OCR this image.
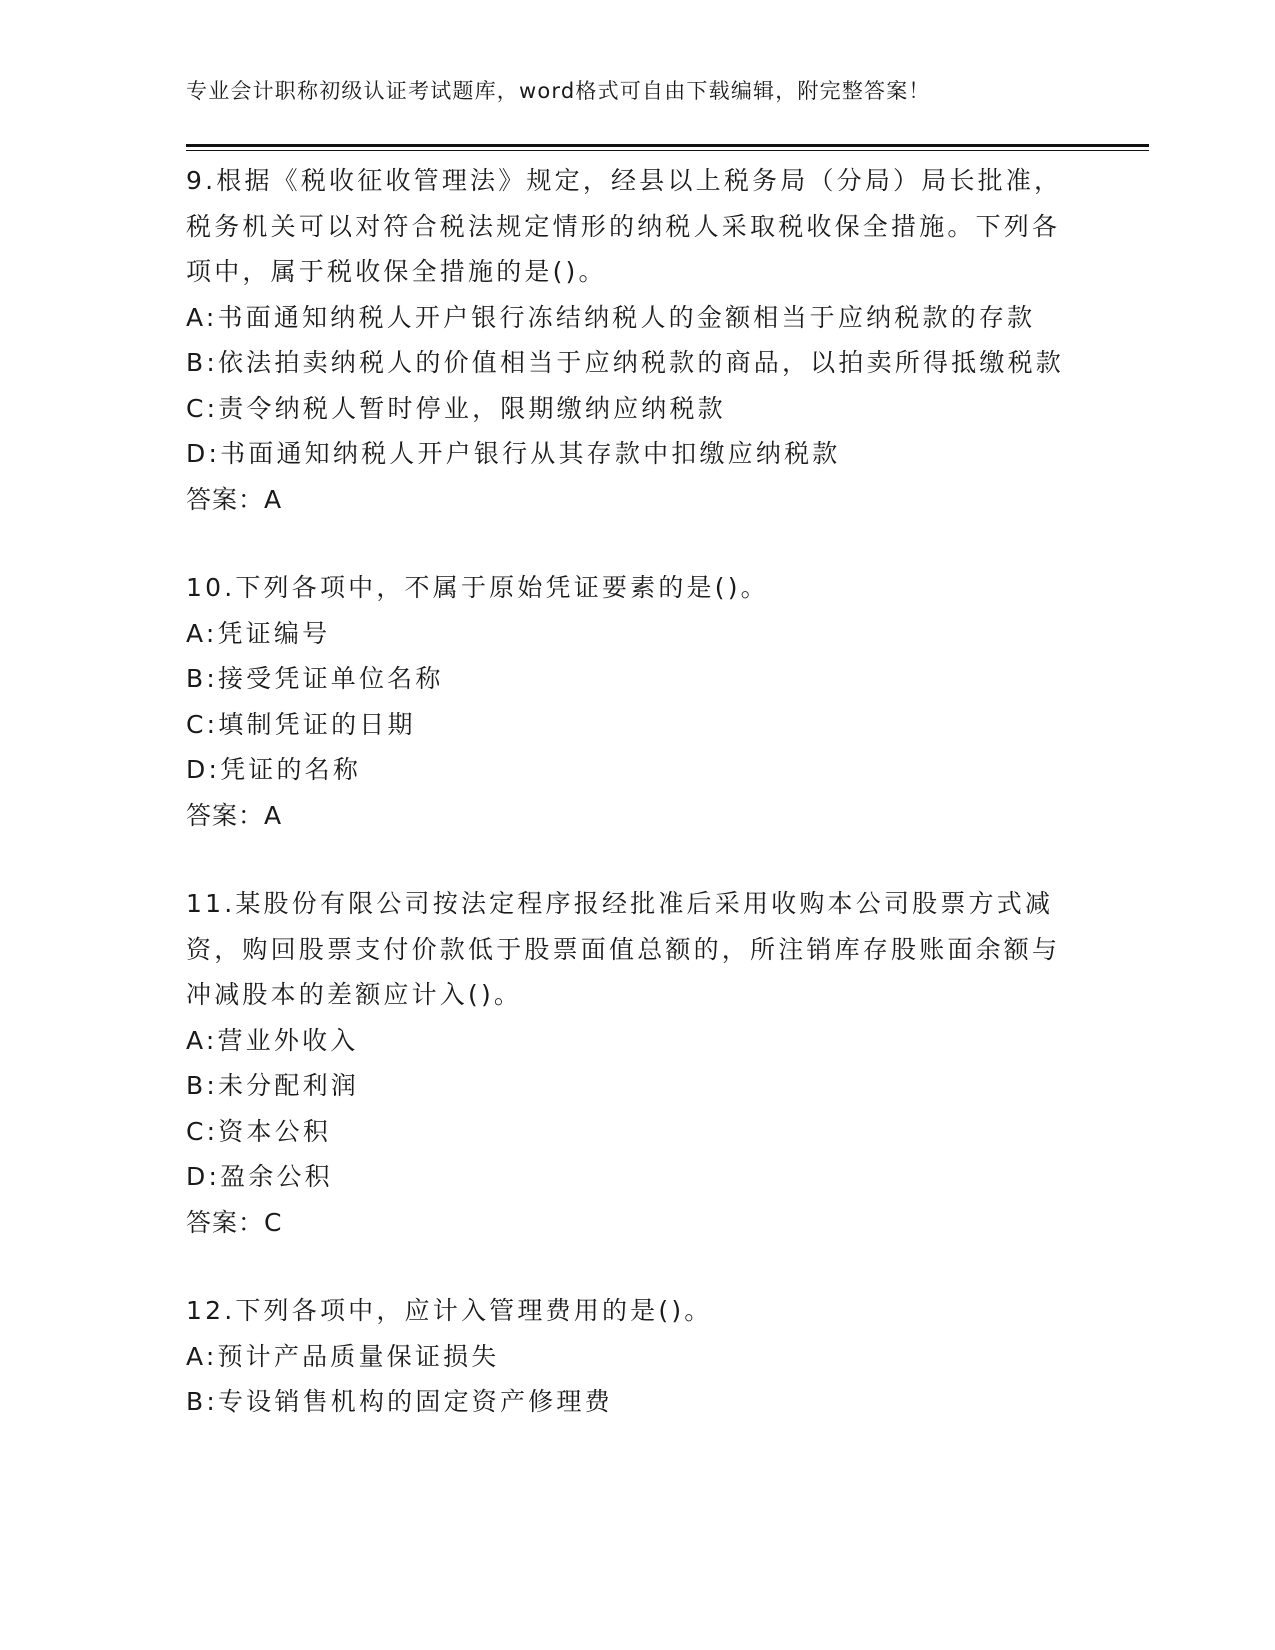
专业会计职称初级认证考试题库，word格式可自由下载编辑，附完整答案！
9.根据《税收征收管理法》规定，经县以上税务局（分局）局长批准，税务机关可以对符合税法规定情形的纳税人采取税收保全措施。下列各项中，属于税收保全措施的是()。
A:书面通知纳税人开户银行冻结纳税人的金额相当于应纳税款的存款
B:依法拍卖纳税人的价值相当于应纳税款的商品，以拍卖所得抵缴税款
C:责令纳税人暂时停业，限期缴纳应纳税款
D:书面通知纳税人开户银行从其存款中扣缴应纳税款
答案：A
10.下列各项中，不属于原始凭证要素的是()。
A:凭证编号
B:接受凭证单位名称
C:填制凭证的日期
D:凭证的名称
答案：A
11.某股份有限公司按法定程序报经批准后采用收购本公司股票方式减资，购回股票支付价款低于股票面值总额的，所注销库存股账面余额与冲减股本的差额应计入()。
A:营业外收入
B:未分配利润
C:资本公积
D:盈余公积
答案：C
12.下列各项中，应计入管理费用的是()。
A:预计产品质量保证损失
B:专设销售机构的固定资产修理费
